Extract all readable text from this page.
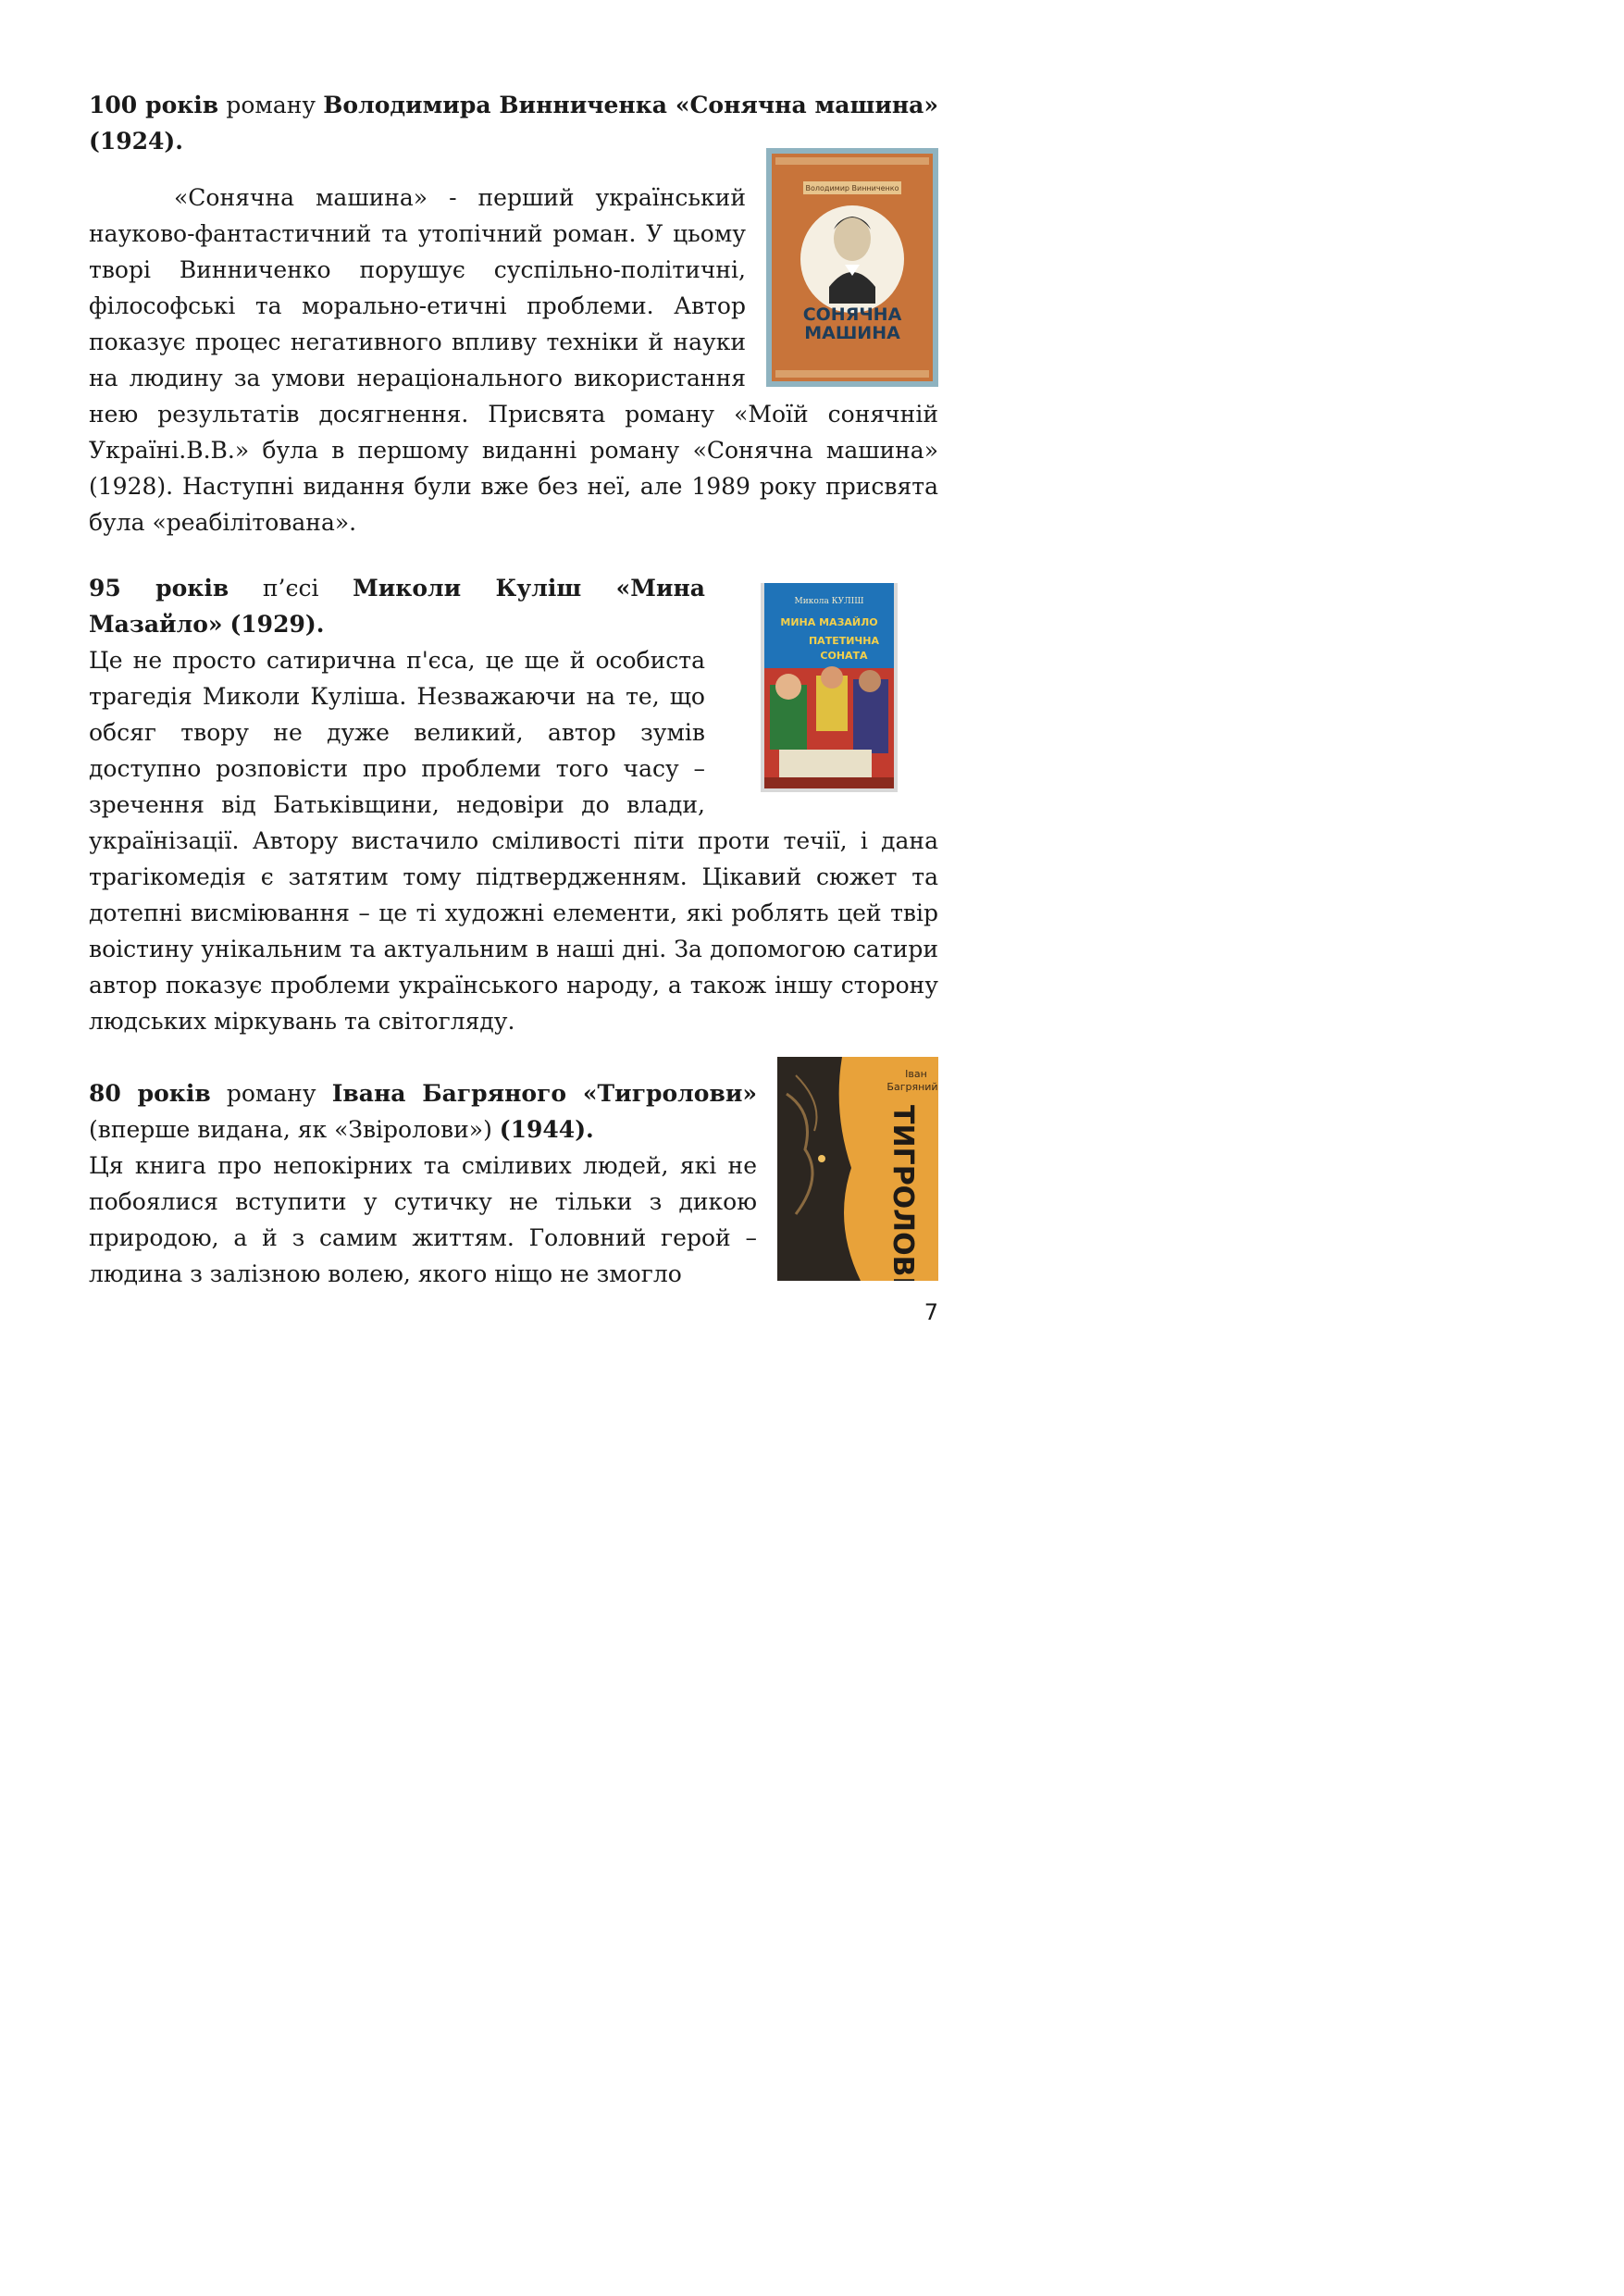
100 років роману Володимира Винниченка «Сонячна машина» (1924).

Володимир Винниченко
СОНЯЧНА
МАШИНА

«Сонячна машина» - перший український науково-фантастичний та утопічний роман. У цьому творі Винниченко порушує суспільно-політичні, філософські та морально-етичні проблеми. Автор показує процес негативного впливу техніки й науки на людину за умови нераціонального використання нею результатів досягнення. Присвята роману «Моїй сонячній Україні.В.В.» була в першому виданні роману «Сонячна машина» (1928). Наступні видання були вже без неї, але 1989 року присвята була «реабілітована».

Микола КУЛІШ
МИНА МАЗАЙЛО
ПАТЕТИЧНА
СОНАТА

95 років п’єсі Миколи Куліш «Мина Мазайло» (1929).

Це не просто сатирична п'єса, це ще й особиста трагедія Миколи Куліша. Незважаючи на те, що обсяг твору не дуже великий, автор зумів доступно розповісти про проблеми того часу – зречення від Батьківщини, недовіри до влади, українізації. Автору вистачило сміливості піти проти течії, і дана трагікомедія є затятим тому підтвердженням. Цікавий сюжет та дотепні висміювання – це ті художні елементи, які роблять цей твір воістину унікальним та актуальним в наші дні. За допомогою сатири автор показує проблеми українського народу, а також іншу сторону людських міркувань та світогляду.

Іван
Багряний
ТИГРОЛОВИ

80 років роману Івана Багряного «Тигролови» (вперше видана, як «Звіролови») (1944).

Ця книга про непокірних та сміливих людей, які не побоялися вступити у сутичку не тільки з дикою природою, а й з самим життям. Головний герой – людина з залізною волею, якого ніщо не змогло

7
